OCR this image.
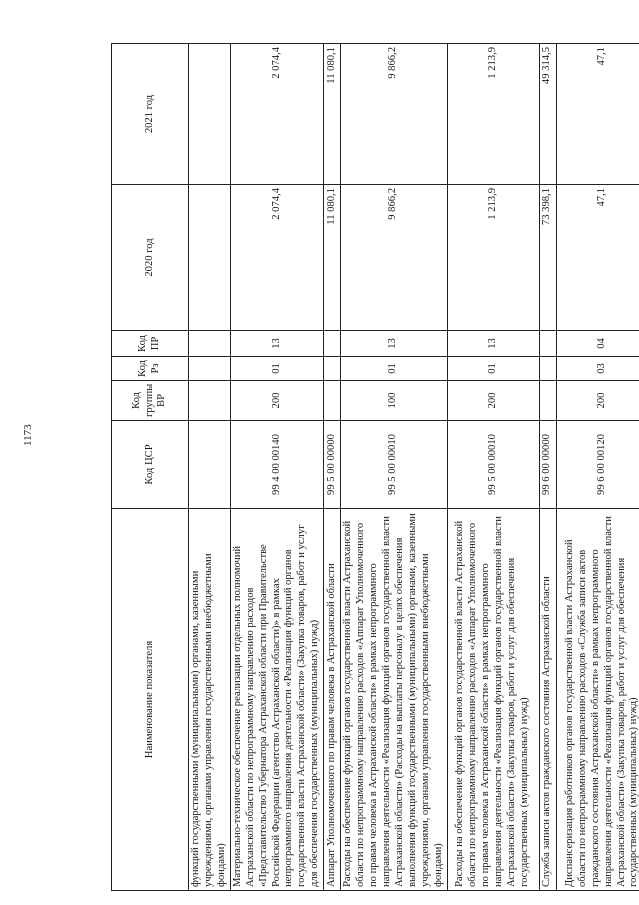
1173
Наименование показателя	Код ЦСР	Код группы ВР	Код Рз	Код ПР	2020 год	2021 год
функций государственными (муниципальными) органами, казенными учреждениями, органами управления государственными внебюджетными фондами)						
Материально-техническое обеспечение реализации отдельных полномочий Астраханской области по непрограммному направлению расходов «Представительство Губернатора Астраханской области при Правительстве Российской Федерации (агентство Астраханской области)» в рамках непрограммного направления деятельности «Реализация функций органов государственной власти Астраханской области» (Закупка товаров, работ и услуг для обеспечения государственных (муниципальных) нужд)	99 4 00 00140	200	01	13	2 074,4	2 074,4
Аппарат Уполномоченного по правам человека в Астраханской области	99 5 00 00000				11 080,1	11 080,1
Расходы на обеспечение функций органов государственной власти Астраханской области по непрограммному направлению расходов «Аппарат Уполномоченного по правам человека в Астраханской области» в рамках непрограммного направления деятельности «Реализация функций органов государственной власти Астраханской области» (Расходы на выплаты персоналу в целях обеспечения выполнения функций государственными (муниципальными) органами, казенными учреждениями, органами управления государственными внебюджетными фондами)	99 5 00 00010	100	01	13	9 866,2	9 866,2
Расходы на обеспечение функций органов государственной власти Астраханской области по непрограммному направлению расходов «Аппарат Уполномоченного по правам человека в Астраханской области» в рамках непрограммного направления деятельности «Реализация функций органов государственной власти Астраханской области» (Закупка товаров, работ и услуг для обеспечения государственных (муниципальных) нужд)	99 5 00 00010	200	01	13	1 213,9	1 213,9
Служба записи актов гражданского состояния Астраханской области	99 6 00 00000				73 398,1	49 314,5
Диспансеризация работников органов государственной власти Астраханской области по непрограммному направлению расходов «Служба записи актов гражданского состояния Астраханской области» в рамках непрограммного направления деятельности «Реализация функций органов государственной власти Астраханской области» (Закупка товаров, работ и услуг для обеспечения государственных (муниципальных) нужд)	99 6 00 00120	200	03	04	47,1	47,1
